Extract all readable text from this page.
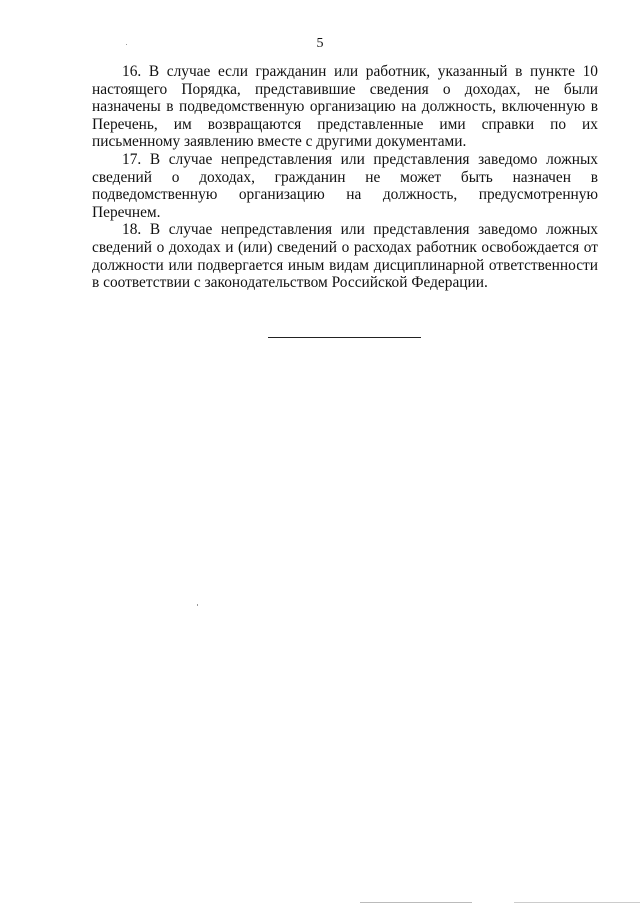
5

16. В случае если гражданин или работник, указанный в пункте 10 настоящего Порядка, представившие сведения о доходах, не были назначены в подведомственную организацию на должность, включенную в Перечень, им возвращаются представленные ими справки по их письменному заявлению вместе с другими документами.

17. В случае непредставления или представления заведомо ложных сведений о доходах, гражданин не может быть назначен в подведомственную организацию на должность, предусмотренную Перечнем.

18. В случае непредставления или представления заведомо ложных сведений о доходах и (или) сведений о расходах работник освобождается от должности или подвергается иным видам дисциплинарной ответственности в соответствии с законодательством Российской Федерации.
